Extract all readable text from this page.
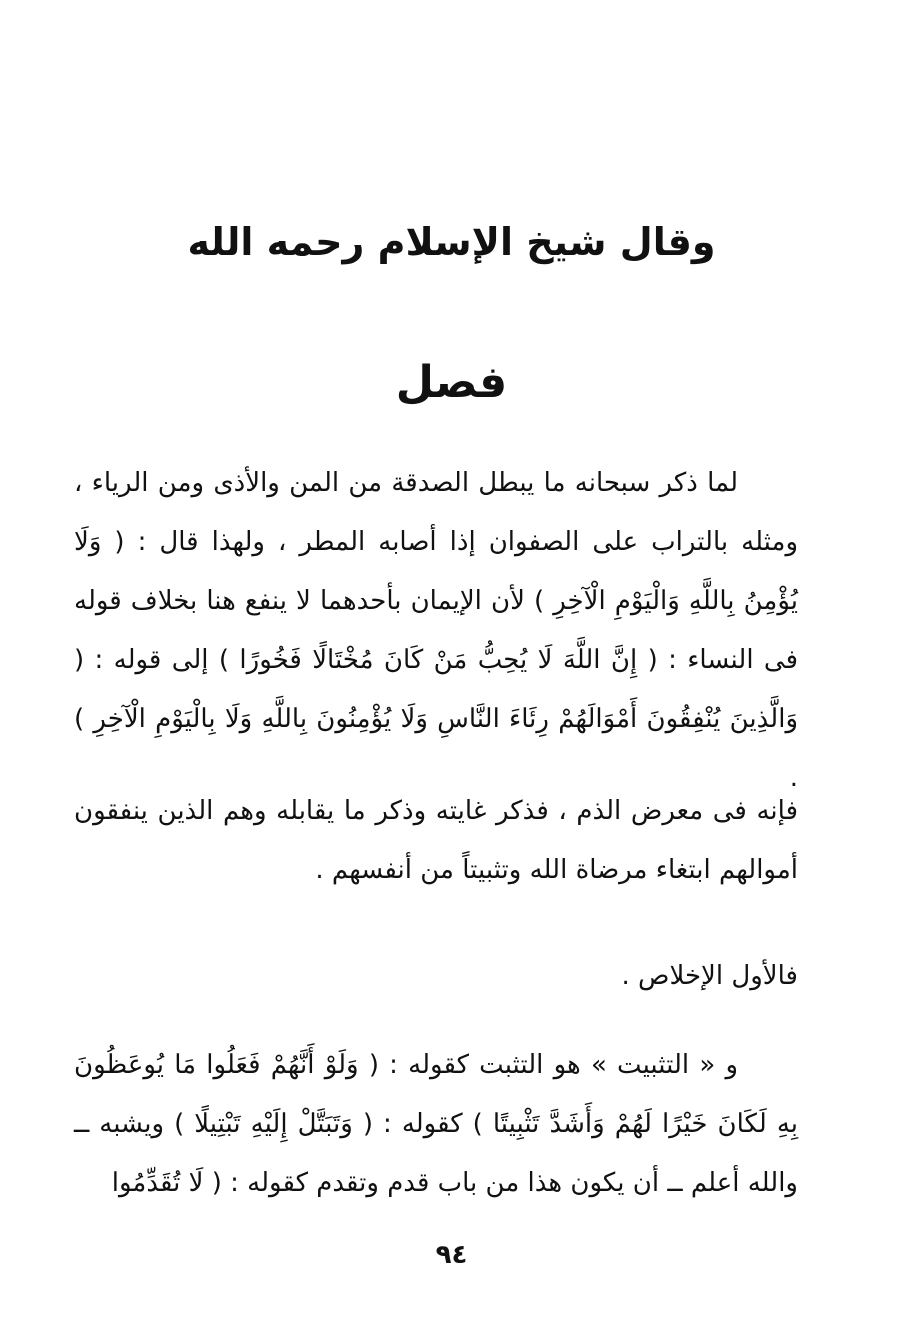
وقال شيخ الإسلام رحمه الله
فصل

لما ذكر سبحانه ما يبطل الصدقة من المن والأذى ومن الرياء ، ومثله بالتراب على الصفوان إذا أصابه المطر ، ولهذا قال : ( وَلَا يُؤْمِنُ بِاللَّهِ وَالْيَوْمِ الْآخِرِ ) لأن الإيمان بأحدهما لا ينفع هنا بخلاف قوله فى النساء : ( إِنَّ اللَّهَ لَا يُحِبُّ مَنْ كَانَ مُخْتَالًا فَخُورًا ) إلى قوله : ( وَالَّذِينَ يُنْفِقُونَ أَمْوَالَهُمْ رِئَاءَ النَّاسِ وَلَا يُؤْمِنُونَ بِاللَّهِ وَلَا بِالْيَوْمِ الْآخِرِ ) .

فإنه فى معرض الذم ، فذكر غايته وذكر ما يقابله وهم الذين ينفقون أموالهم ابتغاء مرضاة الله وتثبيتاً من أنفسهم .

فالأول الإخلاص .

و « التثبيت » هو التثبت كقوله : ( وَلَوْ أَنَّهُمْ فَعَلُوا مَا يُوعَظُونَ بِهِ لَكَانَ خَيْرًا لَهُمْ وَأَشَدَّ تَثْبِيتًا ) كقوله : ( وَتَبَتَّلْ إِلَيْهِ تَبْتِيلًا ) ويشبه ــ والله أعلم ــ أن يكون هذا من باب قدم وتقدم كقوله : ( لَا تُقَدِّمُوا

٩٤
